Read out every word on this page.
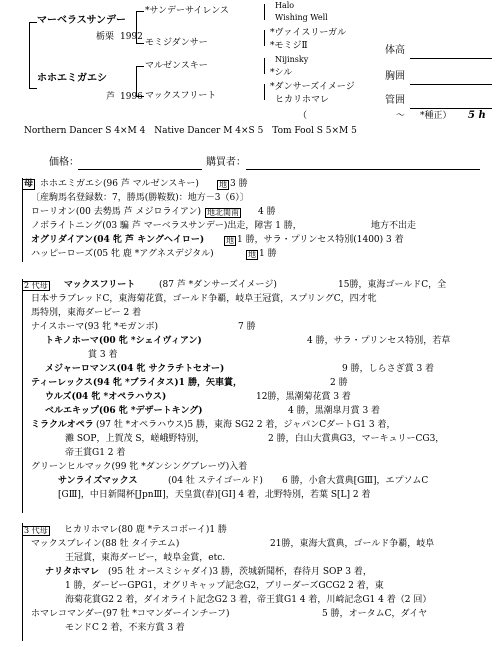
マーベラスサンデー
栃栗 1992
ホホエミガエシ
芦 1996
*サンデーサイレンス
モミジダンサー
マルゼンスキー
マックスフリート
Halo
Wishing Well
*ヴァイスリーガル
*モミジⅡ
Nijinsky
*シル
*ダンサーズイメージ
ヒカリホマレ
体高
胸囲
管囲
（	〜 *種正） 5 h
Northern Dancer S 4×M 4　Native Dancer M 4×S 5　Tom Fool S 5×M 5
価格：	購買者：
母 ホホエミガエシ(96 芦 マルゼンスキー)	地 3 勝
〔産駒馬名登録数：7，勝馬(勝鞍数)：地方－3（6）〕
ローリオン(00 去勢馬 芦 メジロライアン) 地北関南 4 勝
ノボライトニング(03 騙 芦 マーベラスサンデー)出走，障害 1 勝，	地方不出走
オグリダイアン(04 牝 芦 キングヘイロー)	地 1 勝，サラ・プリンセス特別(1400) 3 着
ハッピーローズ(05 牝 鹿 *アグネスデジタル)	地 1 勝
2 代母 マックスフリート	(87 芦 *ダンサーズイメージ)	15勝，東海ゴールドC，全
日本サラブレッドC，東海菊花賞，ゴールド争覇，岐阜王冠賞，スプリングC，四才牝
馬特別，東海ダービー 2 着
ナイスホーマ(93 牝 *モガンボ)	7 勝
トキノホーマ(00 牝 *シェイヴィアン)	4 勝，サラ・プリンセス特別，若草
賞 3 着
メジャーロマンス(04 牝 サクラチトセオー)	9 勝，しらさぎ賞 3 着
ティーレックス(94 牝 *ブライタス)1 勝，矢車賞，	2 勝
ウルズ(04 牝 *オペラハウス)	12勝，黒潮菊花賞 3 着
ベルエキップ(06 牝 *デザートキング)	4 勝，黒潮皐月賞 3 着
ミラクルオペラ (97 牡 *オペラハウス)5 勝，東海 SG2 2 着，ジャパンCダートG1 3 着，
灘 SOP，上賀茂 S，嵯峨野特別，	2 勝，白山大賞典G3，マーキュリーCG3，
帝王賞G1 2 着
グリーンヒルマック(99 牝 *ダンシングブレーヴ)入着
サンライズマックス	(04 牡 ステイゴールド) 6 勝，小倉大賞典[GⅢ]，エプソムC
[GⅢ]，中日新聞杯[JpnⅢ]，天皇賞(春)[GⅠ] 4 着，北野特別，若葉 S[L] 2 着
3 代母 ヒカリホマレ(80 鹿 *テスコボーイ)1 勝
マックスブレイン(88 牡 タイテエム)	21勝，東海大賞典，ゴールド争覇，岐阜
王冠賞，東海ダービー，岐阜金賞，etc.
ナリタホマレ (95 牡 オースミシャダイ)3 勝，茨城新聞杯，春待月 SOP 3 着，
1 勝，ダービーGPG1，オグリキャップ記念G2，ブリーダーズGCG2 2 着，東
海菊花賞G2 2 着，ダイオライト記念G2 3 着，帝王賞G1 4 着，川崎記念G1 4 着（2 回）
ホマレコマンダー(97 牡 *コマンダーインチーフ)	5 勝，オータムC，ダイヤ
モンドC 2 着，不来方賞 3 着
